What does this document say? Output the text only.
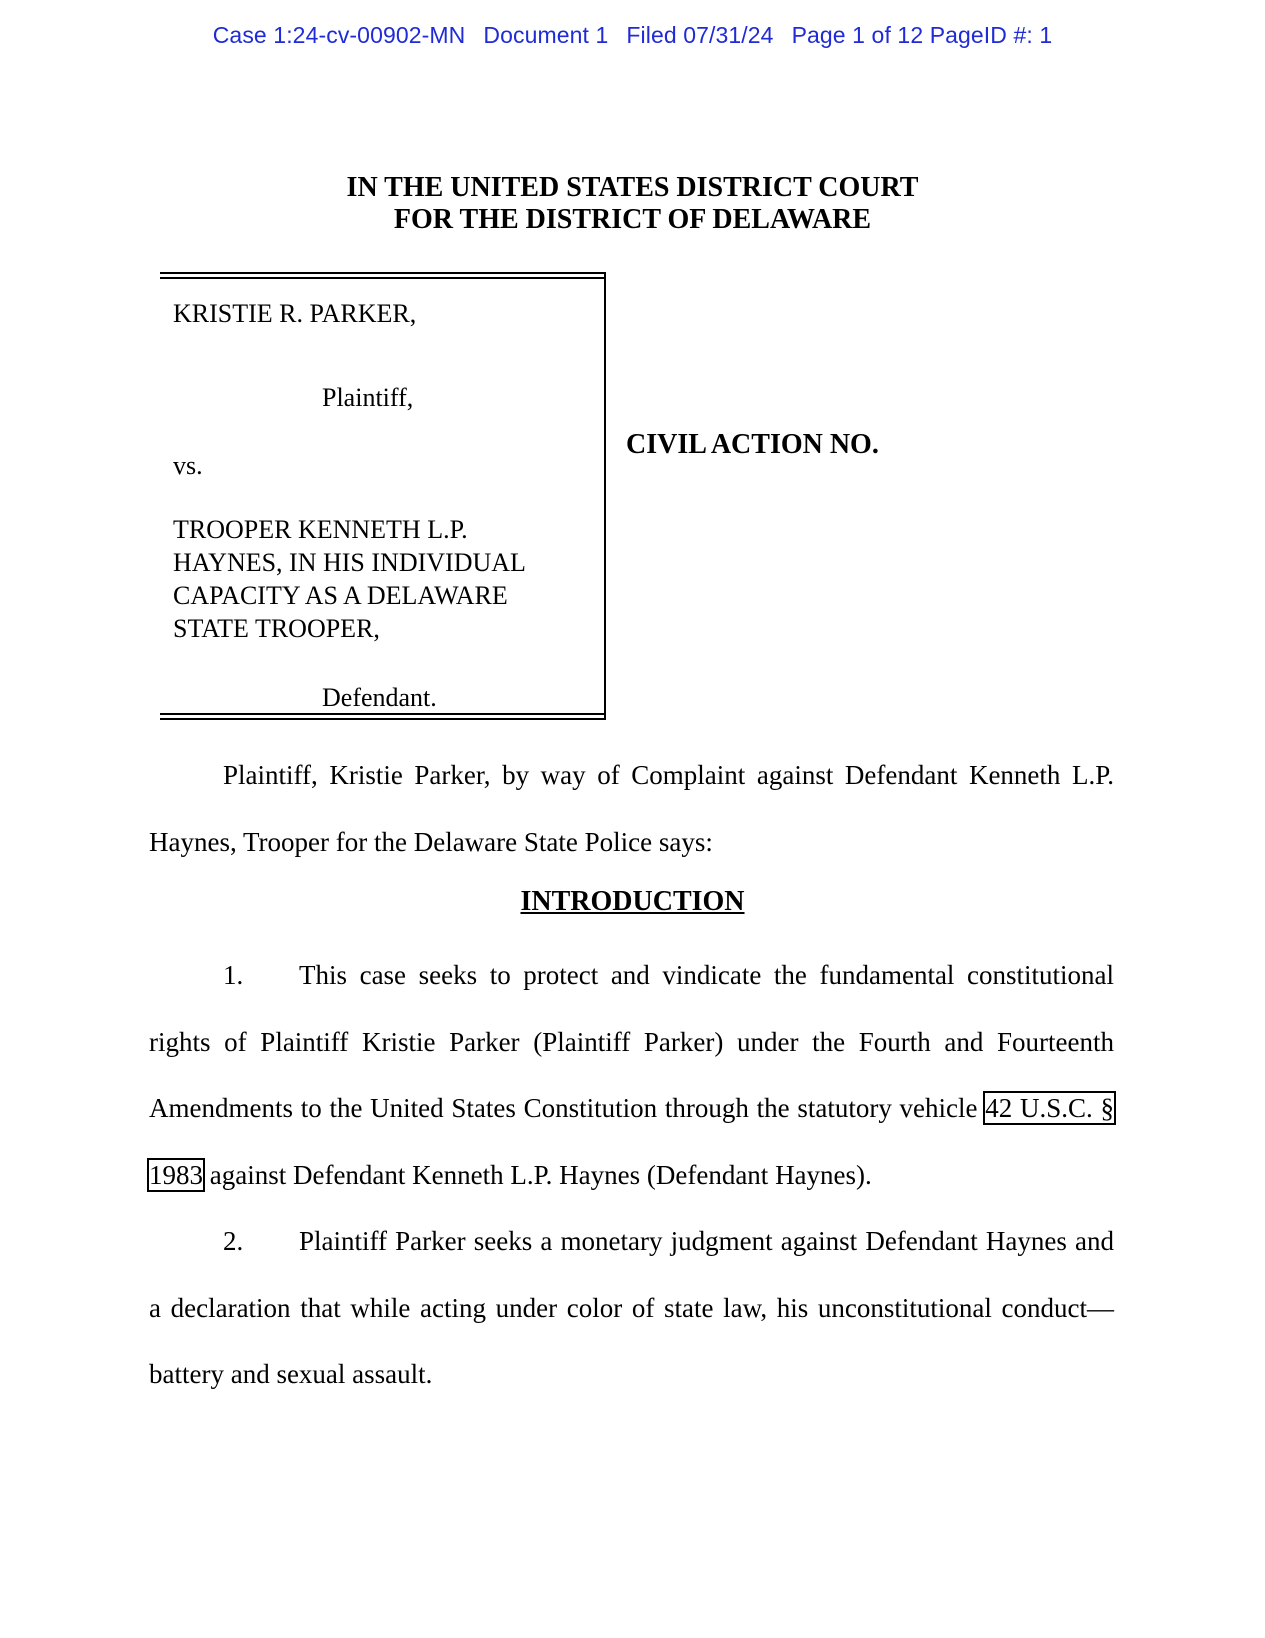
Case 1:24-cv-00902-MN Document 1 Filed 07/31/24 Page 1 of 12 PageID #: 1
IN THE UNITED STATES DISTRICT COURT
FOR THE DISTRICT OF DELAWARE
KRISTIE R. PARKER,
Plaintiff,
vs.
TROOPER KENNETH L.P.
HAYNES, IN HIS INDIVIDUAL
CAPACITY AS A DELAWARE
STATE TROOPER,
Defendant.
CIVIL ACTION NO.
Plaintiff, Kristie Parker, by way of Complaint against Defendant Kenneth L.P. Haynes, Trooper for the Delaware State Police says:
INTRODUCTION
1. This case seeks to protect and vindicate the fundamental constitutional rights of Plaintiff Kristie Parker (Plaintiff Parker) under the Fourth and Fourteenth Amendments to the United States Constitution through the statutory vehicle 42 U.S.C. § 1983 against Defendant Kenneth L.P. Haynes (Defendant Haynes).
2. Plaintiff Parker seeks a monetary judgment against Defendant Haynes and a declaration that while acting under color of state law, his unconstitutional conduct—battery and sexual assault.
